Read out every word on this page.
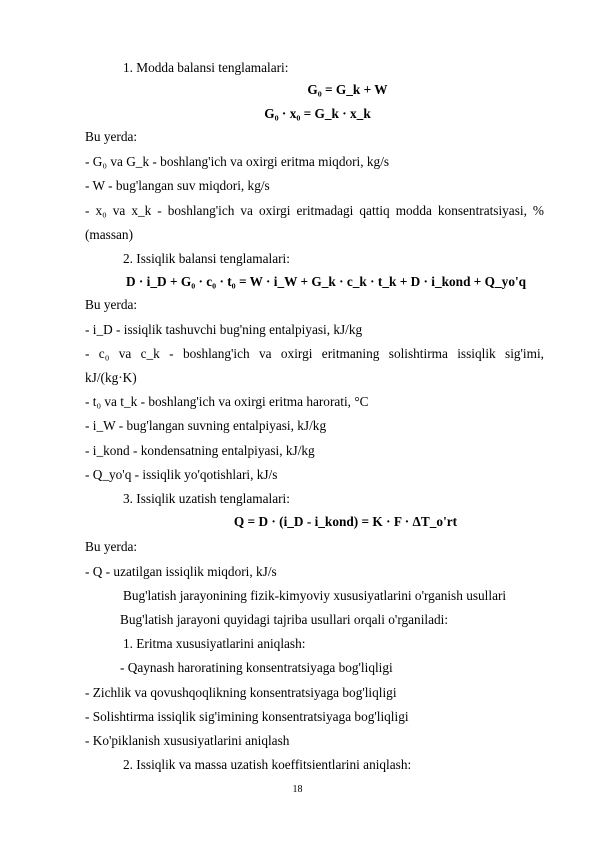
1. Modda balansi tenglamalari:
G₀ = G_k + W
G₀ · x₀ = G_k · x_k
Bu yerda:
- G₀ va G_k - boshlang'ich va oxirgi eritma miqdori, kg/s
- W - bug'langan suv miqdori, kg/s
- x₀ va x_k - boshlang'ich va oxirgi eritmadagi qattiq modda konsentratsiyasi, %
(massan)
2. Issiqlik balansi tenglamalari:
D · i_D + G₀ · c₀ · t₀ = W · i_W + G_k · c_k · t_k + D · i_kond + Q_yo'q
Bu yerda:
- i_D - issiqlik tashuvchi bug'ning entalpiyasi, kJ/kg
- c₀ va c_k - boshlang'ich va oxirgi eritmaning solishtirma issiqlik sig'imi,
kJ/(kg·K)
- t₀ va t_k - boshlang'ich va oxirgi eritma harorati, °C
- i_W - bug'langan suvning entalpiyasi, kJ/kg
- i_kond - kondensatning entalpiyasi, kJ/kg
- Q_yo'q - issiqlik yo'qotishlari, kJ/s
3. Issiqlik uzatish tenglamalari:
Q = D · (i_D - i_kond) = K · F · ΔT_o'rt
Bu yerda:
- Q - uzatilgan issiqlik miqdori, kJ/s
Bug'latish jarayonining fizik-kimyoviy xususiyatlarini o'rganish usullari
Bug'latish jarayoni quyidagi tajriba usullari orqali o'rganiladi:
1. Eritma xususiyatlarini aniqlash:
- Qaynash haroratining konsentratsiyaga bog'liqligi
- Zichlik va qovushqoqlikning konsentratsiyaga bog'liqligi
- Solishtirma issiqlik sig'imining konsentratsiyaga bog'liqligi
- Ko'piklanish xususiyatlarini aniqlash
2. Issiqlik va massa uzatish koeffitsientlarini aniqlash:
18
